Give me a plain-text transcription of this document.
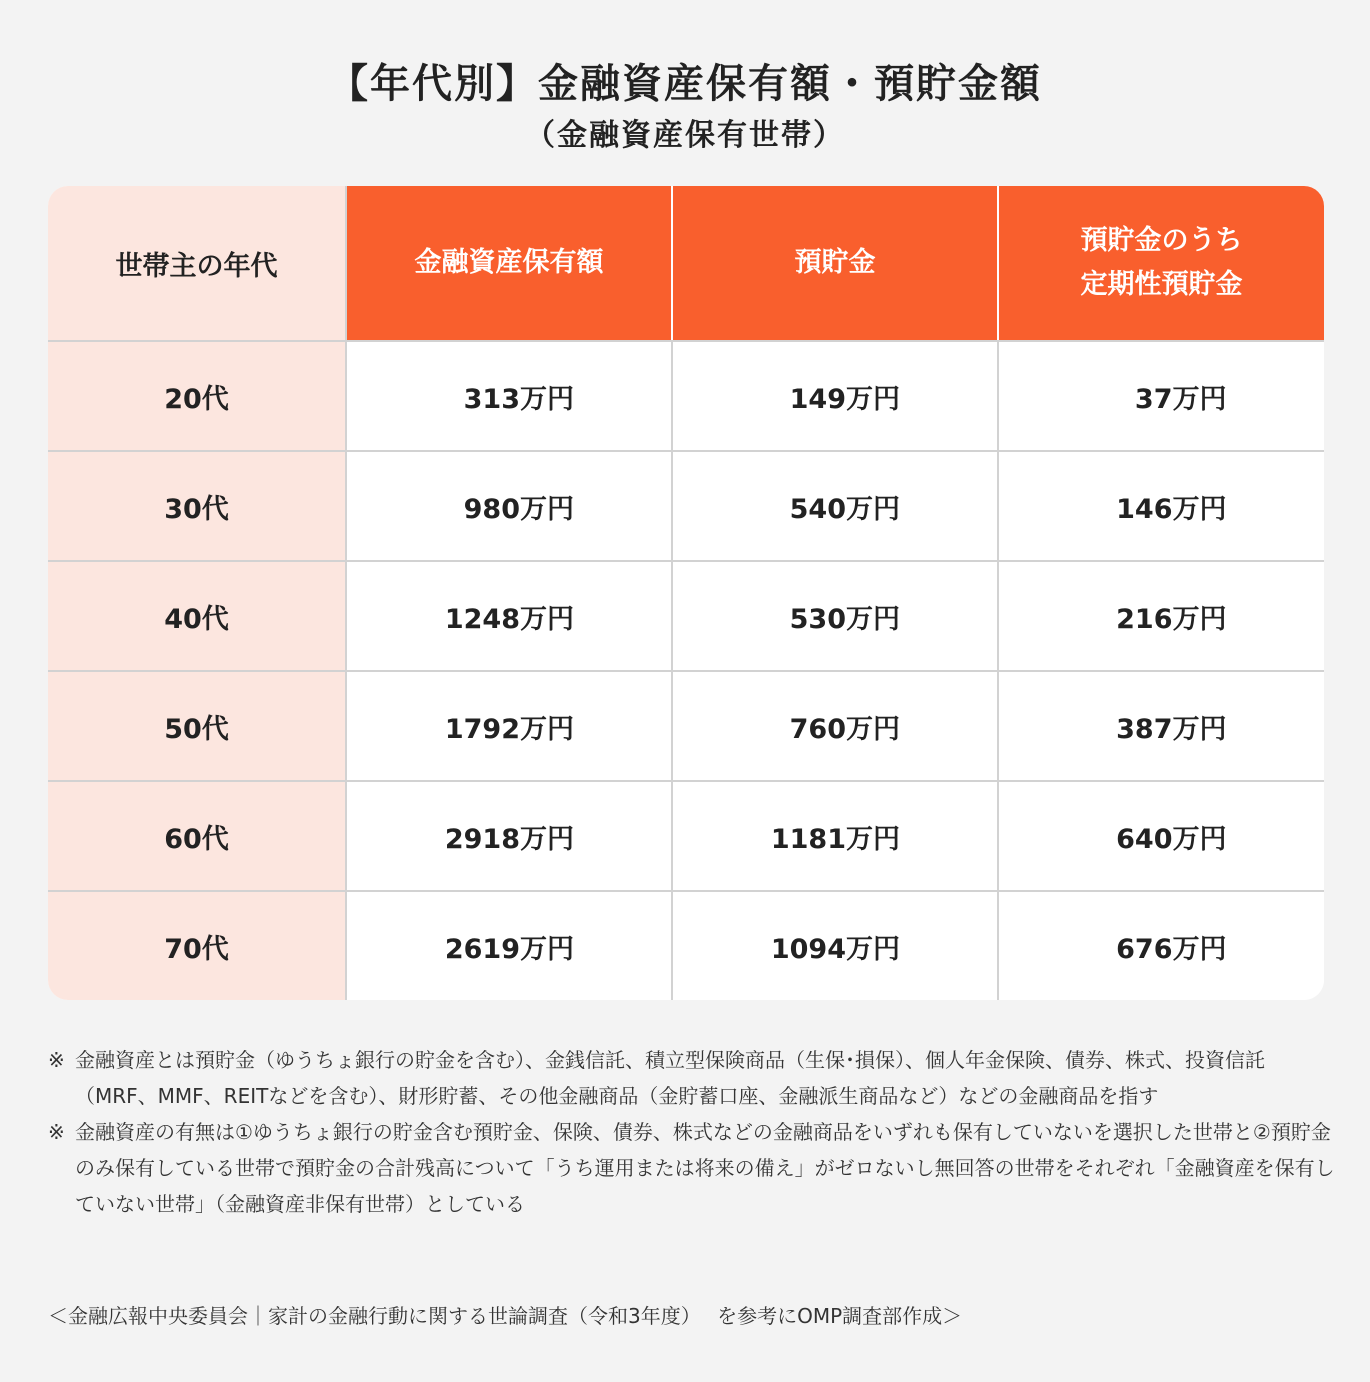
【年代別】金融資産保有額・預貯金額
（金融資産保有世帯）
世帯主の年代	金融資産保有額	預貯金	預貯金のうち
定期性預貯金
20代	313万円	149万円	37万円
30代	980万円	540万円	146万円
40代	1248万円	530万円	216万円
50代	1792万円	760万円	387万円
60代	2918万円	1181万円	640万円
70代	2619万円	1094万円	676万円
※ 金融資産とは預貯金（ゆうちょ銀行の貯金を含む）、金銭信託、積立型保険商品（生保･損保）、個人年金保険、債券、株式、投資信託（MRF、MMF、REITなどを含む）、財形貯蓄、その他金融商品（金貯蓄口座、金融派生商品など）などの金融商品を指す
※ 金融資産の有無は①ゆうちょ銀行の貯金含む預貯金、保険、債券、株式などの金融商品をいずれも保有していないを選択した世帯と②預貯金のみ保有している世帯で預貯金の合計残高について「うち運用または将来の備え」がゼロないし無回答の世帯をそれぞれ「金融資産を保有していない世帯」（金融資産非保有世帯）としている
＜金融広報中央委員会｜家計の金融行動に関する世論調査（令和3年度）　 を参考にOMP調査部作成＞
